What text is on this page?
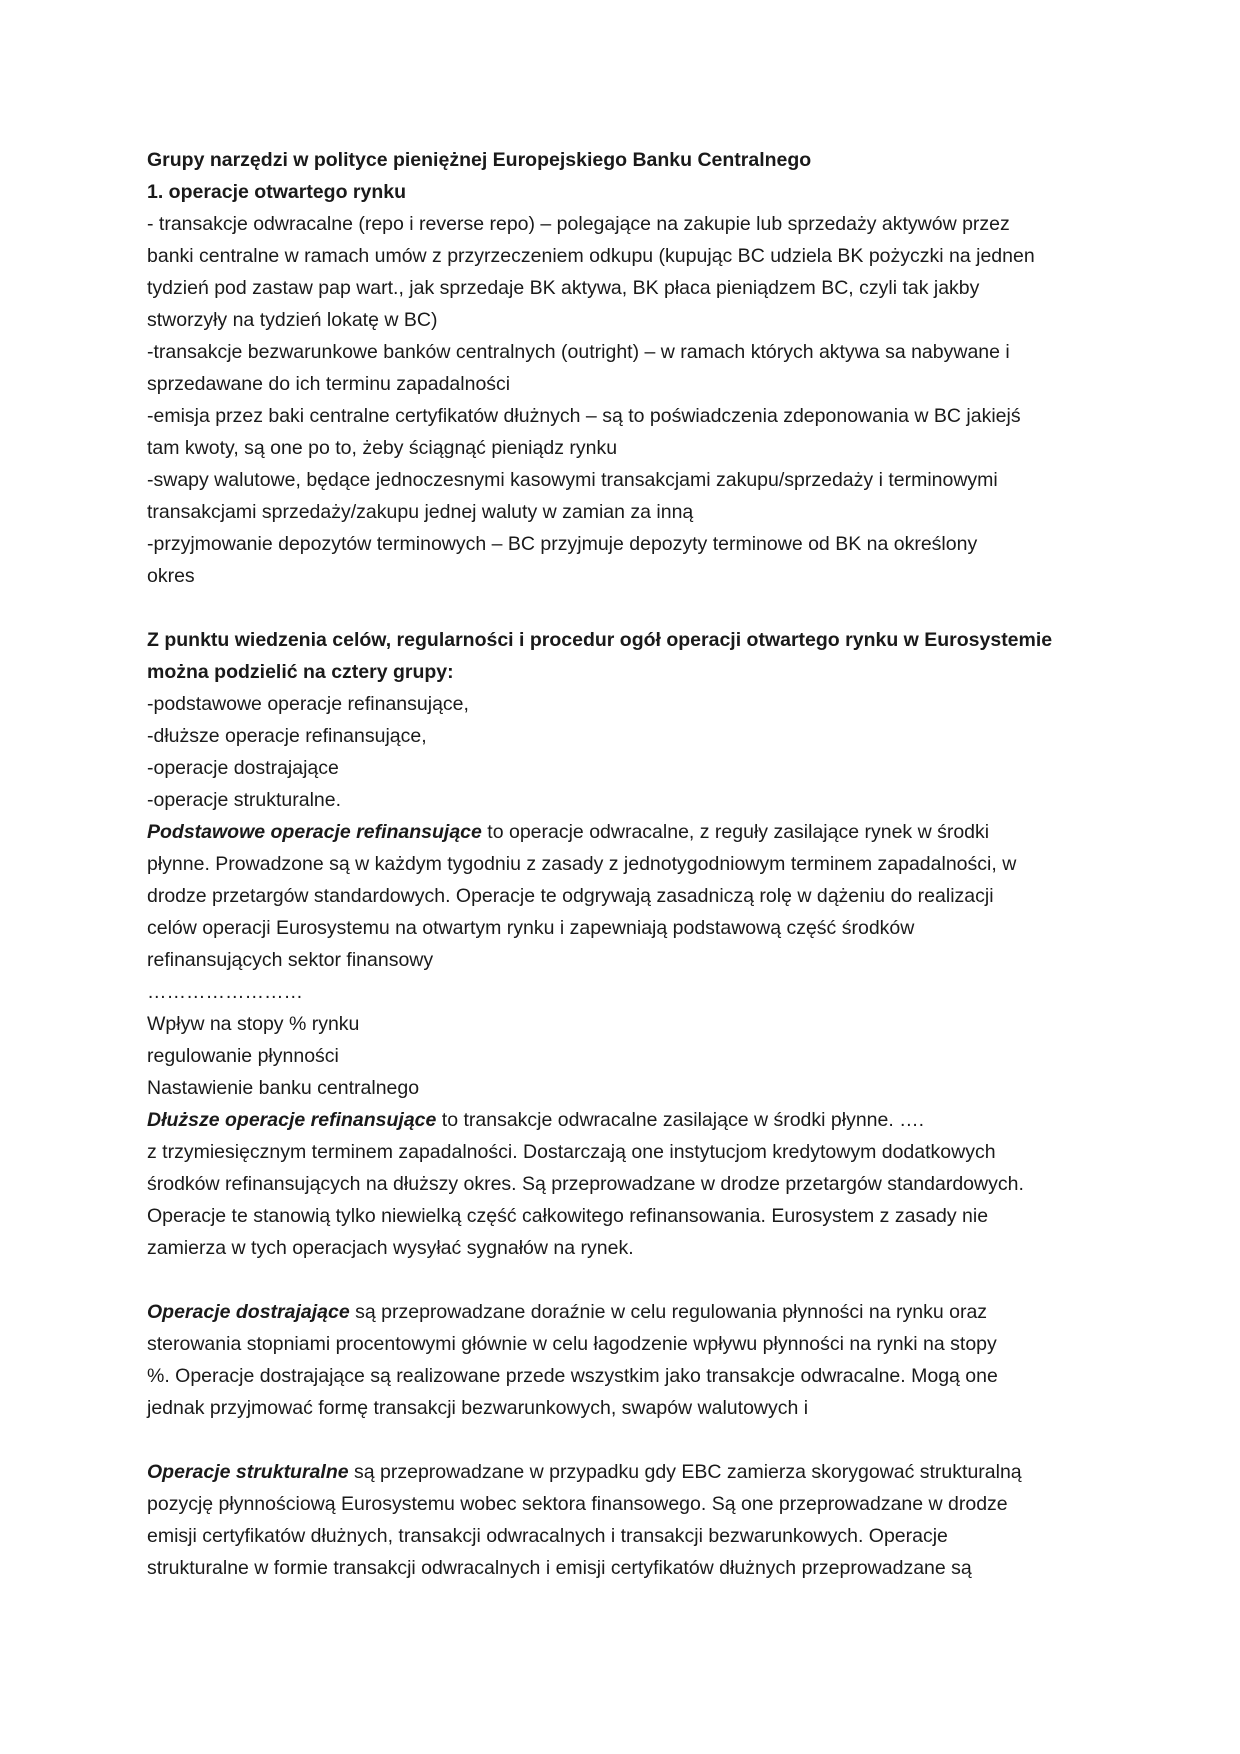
Grupy narzędzi w polityce pieniężnej Europejskiego Banku Centralnego
1. operacje otwartego rynku
- transakcje odwracalne (repo i reverse repo) – polegające na zakupie lub sprzedaży aktywów przez
banki centralne w ramach umów z przyrzeczeniem odkupu (kupując BC udziela BK pożyczki na jednen
tydzień pod zastaw pap wart., jak sprzedaje BK aktywa, BK płaca pieniądzem BC, czyli tak jakby
stworzyły na tydzień lokatę w BC)
-transakcje bezwarunkowe banków centralnych (outright) – w ramach których aktywa sa nabywane i
sprzedawane do ich terminu zapadalności
-emisja przez baki centralne certyfikatów dłużnych – są to poświadczenia zdeponowania w BC jakiejś
tam kwoty, są one po to, żeby ściągnąć pieniądz rynku
-swapy walutowe, będące jednoczesnymi kasowymi transakcjami zakupu/sprzedaży i terminowymi
transakcjami sprzedaży/zakupu jednej waluty w zamian za inną
-przyjmowanie depozytów terminowych – BC przyjmuje depozyty terminowe od BK na określony
okres
Z punktu wiedzenia celów, regularności i procedur ogół operacji otwartego rynku w Eurosystemie
można podzielić na cztery grupy:
-podstawowe operacje refinansujące,
-dłuższe operacje refinansujące,
-operacje dostrajające
-operacje strukturalne.
Podstawowe operacje refinansujące to operacje odwracalne, z reguły zasilające rynek w środki
płynne. Prowadzone są w każdym tygodniu z zasady z jednotygodniowym terminem zapadalności, w
drodze przetargów standardowych. Operacje te odgrywają zasadniczą rolę w dążeniu do realizacji
celów operacji Eurosystemu na otwartym rynku i zapewniają podstawową część środków
refinansujących sektor finansowy
……………………
Wpływ na stopy % rynku
regulowanie płynności
Nastawienie banku centralnego
Dłuższe operacje refinansujące to transakcje odwracalne zasilające w środki płynne. ….
z trzymiesięcznym terminem zapadalności. Dostarczają one instytucjom kredytowym dodatkowych
środków refinansujących na dłuższy okres. Są przeprowadzane w drodze przetargów standardowych.
Operacje te stanowią tylko niewielką część całkowitego refinansowania. Eurosystem z zasady nie
zamierza w tych operacjach wysyłać sygnałów na rynek.
Operacje dostrajające są przeprowadzane doraźnie w celu regulowania płynności na rynku oraz
sterowania stopniami procentowymi głównie w celu łagodzenie wpływu płynności na rynki na stopy
%. Operacje dostrajające są realizowane przede wszystkim jako transakcje odwracalne. Mogą one
jednak przyjmować formę transakcji bezwarunkowych, swapów walutowych i
Operacje strukturalne są przeprowadzane w przypadku gdy EBC zamierza skorygować strukturalną
pozycję płynnościową Eurosystemu wobec sektora finansowego. Są one przeprowadzane w drodze
emisji certyfikatów dłużnych, transakcji odwracalnych i transakcji bezwarunkowych. Operacje
strukturalne w formie transakcji odwracalnych i emisji certyfikatów dłużnych przeprowadzane są
